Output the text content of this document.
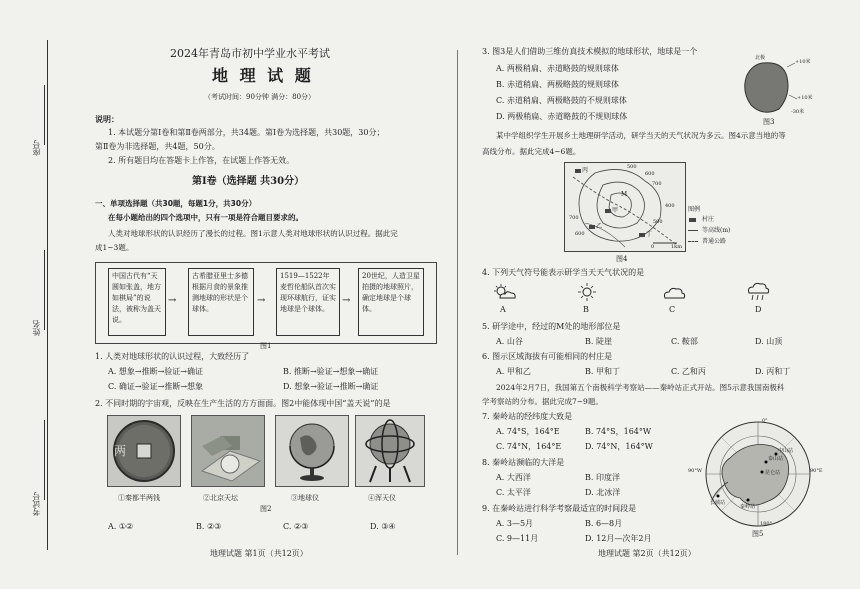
座号
姓名
考试号
2024年青岛市初中学业水平考试
地 理 试 题
（考试时间：90分钟 满分：80分）
说明：
1. 本试题分第Ⅰ卷和第Ⅱ卷两部分，共34题。第Ⅰ卷为选择题，共30题，30分；
第Ⅱ卷为非选择题，共4题，50分。
2. 所有题目均在答题卡上作答，在试题上作答无效。
第Ⅰ卷（选择题 共30分）
一、单项选择题（共30题，每题1分，共30分）
在每小题给出的四个选项中，只有一项是符合题目要求的。
人类对地球形状的认识经历了漫长的过程。图1示意人类对地球形状的认识过程。据此完
成1~3题。
中国古代有“天圆如张盖，地方如棋局”的说法，被称为盖天说。
→
古希腊亚里士多德根据月食的景象推测地球的形状是个球体。
→
1519—1522年麦哲伦船队首次实现环球航行，证实地球是个球体。
→
20世纪，人造卫星拍摄的地球照片，确定地球是个球体。
图1
1. 人类对地球形状的认识过程，大致经历了
A. 想象→推断→验证→确证	B. 推断→验证→想象→确证
C. 确证→验证→推断→想象	D. 想象→验证→推断→确证
2. 不同时期的宇宙观，反映在生产生活的方方面面。图2中能体现中国“盖天说”的是
两
①秦都半两钱	②北京天坛	③地球仪	④浑天仪
图2
A. ①②	B. ②③	C. ②③	D. ③④
地理试题 第1页（共12页）
3. 图3是人们借助三维仿真技术模拟的地球形状，地球是一个
A. 两极稍扁、赤道略鼓的规则球体
B. 赤道稍扁、两极略鼓的规则球体
C. 赤道稍扁、两极略鼓的不规则球体
D. 两极稍扁、赤道略鼓的不规则球体
北极
+10米
+10米
-30米
图3
某中学组织学生开展乡土地理研学活动，研学当天的天气状况为多云。图4示意当地的等
高线分布。据此完成4~6题。
丙	500
600
700
M
甲
700
600
500
乙
丁
400
0	1km
图例
村庄
等高线(m)
普通公路
图4
4. 下列天气符号能表示研学当天天气状况的是
A	B	C	D
5. 研学途中，经过的M处的地形部位是
A. 山谷	B. 陡崖	C. 鞍部	D. 山顶
6. 图示区域海拔有可能相同的村庄是
A. 甲和乙	B. 甲和丁	C. 乙和丙	D. 丙和丁
2024年2月7日，我国第五个南极科学考察站——秦岭站正式开站。图5示意我国南极科
学考察站的分布。据此完成7~9题。
7. 秦岭站的经纬度大致是
A. 74°S，164°E	B. 74°S，164°W
C. 74°N，164°E	D. 74°N，164°W
8. 秦岭站濒临的大洋是
A. 大西洋	B. 印度洋
C. 太平洋	D. 北冰洋
9. 在秦岭站进行科学考察最适宜的时间段是
A. 3—5月	B. 6—8月
C. 9—11月	D. 12月—次年2月
0°
90°W	90°E
180°
泰山站
中山站
昆仑站
长城站
秦岭站
图5
地理试题 第2页（共12页）
